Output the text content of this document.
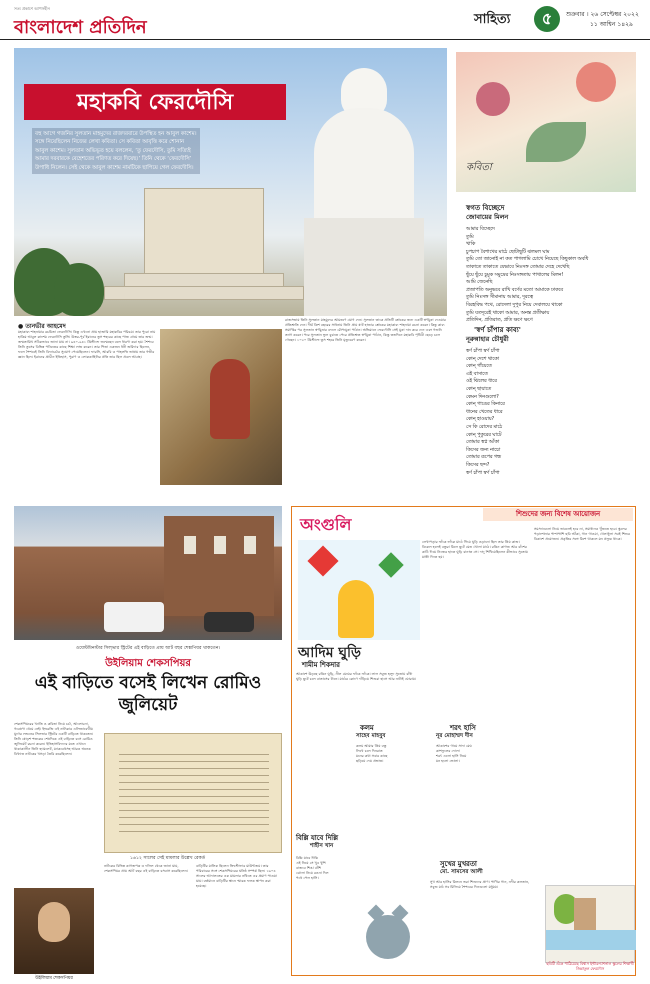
সত্য প্রকাশে আপসহীন
বাংলাদেশ প্রতিদিন	সাহিত্য	৫	শুক্রবার । ২৬ সেপ্টেম্বর ২০২২
১১ আশ্বিন ১৪২৯
মহাকবি ফেরদৌসি
বহু আগে গজনির সুলতান মাহমুদের রাজদরবারে উপস্থিত হন আবুল কাশেম। সঙ্গে নিয়েছিলেন নিজের লেখা কবিতা। সে কবিতা আবৃত্তি করে শোনান আবুল কাশেম। সুলতান অভিভূত হয়ে বললেন, ‘তু ফেরদৌসি, তুমি সত্যিই আমার দরবারকে বেহেশতের পরিণত করে দিয়েছ।’ তিনি থেকে ‘ফেরদৌসি’ উপাধি নিলেন। সেই থেকে আবুল কাশেম নামটিকে ছাপিয়ে গেল ফেরদৌসি।
● তানভীর আহমেদ
মহাকাব্য শাহনামার রচয়িতা ফেরদৌসি। কিন্তু এখনো প্রায় হাজারি মহাকবির পরিচয়। তার পুরো নাম হাকিম আবুল কাশেম ফেরদৌসি তুসি। উত্তর-পূর্ব ইরানের তুস শহরের কাছে পাজ গ্রামে তার জন্ম। জন্মতারিখ সঠিকভাবে জানা যায় না। ৯৪০-৯৪১ খ্রিস্টাব্দে জন্মেছেন বলে ধারণা করা হয়। শৈশবে তিনি তুসের বিভিন্ন পণ্ডিতের কাছে শিক্ষা লাভ করেন। তার পিতা একজন ধনী জমিদার ছিলেন, ফলে শৈশবেই তিনি বিদ্যাচর্চার সুযোগ পেয়েছিলেন। ফারসি, আরবি ও পাহলভি ভাষায় তার গভীর জ্ঞান ছিল। ইরানের প্রাচীন ইতিহাস, পুরাণ ও লোককাহিনির প্রতি তার ছিল প্রবল আগ্রহ।
রাজসভায় তিনি সুলতান মাহমুদের আমন্ত্রণে যোগ দেন। সুলতান তাকে প্রতিটি শ্লোকের জন্য একটি স্বর্ণমুদ্রা দেওয়ার প্রতিশ্রুতি দেন। দীর্ঘ ত্রিশ বছরের সাধনায় তিনি প্রায় ষাট হাজার শ্লোকের মহাকাব্য শাহনামা রচনা করেন। কিন্তু কাব্য সমাপ্তির পর সুলতান স্বর্ণমুদ্রার বদলে রৌপ্যমুদ্রা পাঠান। অভিমানে ফেরদৌসি সেই মুদ্রা দান করে দেন এবং গজনি ত্যাগ করেন। পরে সুলতান ভুল বুঝতে পেরে প্রতিশ্রুত স্বর্ণমুদ্রা পাঠান, কিন্তু ততদিনে মহাকবি পৃথিবী ছেড়ে চলে গেছেন। ১০২০ খ্রিস্টাব্দে তুস শহরে তিনি মৃত্যুবরণ করেন।
কবিতা
স্বগত বিচ্ছেদে
জোবায়ের মিলন
আমার বিচ্ছেদে
তুমি
খাকি
চুপচাপ বৈশাখের মাঠে ছোটাছুটি ঝলমল ঘাম
তুমি তো জানোই না কত পাগলামি চোখে নিয়েছে কিছুকাল অবধি
তাকাতে তাকাতে যেভাবে নিঃসঙ্গ তোমার দেহে দেখেছি
ছুঁয়ে ছুঁয়ে চুমুক সমুদ্রের নিঃসঙ্গতায় পাখালের মিলন!
আমি জেনেছি
প্রজাপতি অনুভবে রাখি বর্ণের মতো আমাকে ঢাকবে
তুমি নিঃসঙ্গ সীমানায় আমার, দূরত্বে
বিরহবিদ্ধ পথে, রোদেলা দুপুর নিয়ে দেবালয়ে থাকো
তুমি যতদূরেই থাকো আমার, অনন্ত প্রতীক্ষায়
প্রতিদিন, প্রতিরাত, প্রতি ক্ষণে ক্ষণে
'স্বর্ণ চাঁপার কাব্য'
নূরুন্নাহার চৌধুরী
স্বর্ণ চাঁপা স্বর্ণ চাঁপা
কোন্ দেশে থাকো
কোন্ গাঁয়েতে
এই বাসাতে
ওই ঝিলের ধারে
কোন্ ছায়াতে
কেমন দিনগুলো?
কোন্ গাঙের কিনারে
ধানের খেতের ধারে
কোন্ হাওয়ায়?
সে কি রোদের মাঠে
কোন্ পুকুরের ঘাটে
তোমার স্বপ্ন আঁকা
কিসের জন্য নাচো
তোমার রূপের গন্ধ
কিসের ছন্দ?
স্বর্ণ চাঁপা স্বর্ণ চাঁপা
ওয়েস্টমিনস্টার সিল্ভার স্ট্রিটের এই বাড়িতে প্রায় আট বছর শেক্সপিয়র থাকতেন।
উইলিয়াম শেকসপিয়র
এই বাড়িতে বসেই লিখেন রোমিও জুলিয়েট
শেকসপিয়রের খ্যাতি ও কবিতা নিয়ে চর্চা, আলোচনা, গবেষণা থেমে নেই। ইংরেজি এই নাট্যকার এলিজাবেথীয় যুগের লন্ডনের সিলভার স্ট্রিটের একটি বাড়িতে থাকতেন। তিনি ষোড়শ শতকের শেষদিকে এই বাড়িতে বসে রোমিও জুলিয়েট রচনা করেন। ইতিহাসবিদদের মতে এখানে থাকাকালীন তিনি হ্যামলেট, ম্যাকবেথসহ আরও অনেক বিখ্যাত নাটকের খসড়া তৈরি করেছিলেন।
১৬১২ সালের সেই মামলার উল্লেখ রেকর্ড
নাটকের বিভিন্ন কাগজপত্র ও দলিল থেকে জানা যায়, শেকসপিয়র প্রায় আট বছর এই বাড়িতে বসবাস করেছিলেন।
বাড়িটির মালিক ছিলেন ক্রিস্টোফার মাউন্টজয়। তার পরিবারের সঙ্গে শেকসপিয়রের ঘনিষ্ঠ সম্পর্ক ছিল। ১৬০৪ সালের আদালতের এক মামলার নথিতে এর প্রমাণ পাওয়া যায়। বর্তমানে বাড়িটির স্থানে স্মারক ফলক স্থাপন করা হয়েছে।
উইলিয়াম শেকসপিয়র
অংগুলি
শিশুদের জন্য বিশেষ আয়োজন
আদিম ঘুড়ি
শামীম শিকদার
আকাশে উড়ছে রঙিন ঘুড়ি, নীল মেঘের ফাঁকে ফাঁকে। লাল সবুজ হলুদ সুতোয় বাঁধা ঘুড়ি ছুটে চলে বাতাসের টানে। মাঠের কোণে দাঁড়িয়ে শিশুরা হাসে আর নাটাই ঘোরায়।
লেখাপড়ার ফাঁকে ফাঁকে মাঠে গিয়ে ঘুড়ি ওড়ানো ছিল তার প্রিয় কাজ। বিকেল হলেই বন্ধুরা মিলে ছুটে যেত খোলা মাঠে। রঙিন কাগজ আর বাঁশের কাঠি দিয়ে নিজের হাতে ঘুড়ি বানাত সে। দাদু শিখিয়েছিলেন কীভাবে সুতোয় মাঞ্জা দিতে হয়।
সমস্যাগুলো নিয়ে ভাবলেই হবে না, সমাধানও খুঁজতে হবে। স্কুলের পড়াশোনার পাশাপাশি ছবি আঁকা, গান গাওয়া, খেলাধুলা সবই শিশুর বিকাশে প্রয়োজন। প্রকৃতির সঙ্গে মিশে থাকলে মন প্রফুল্ল থাকে।
কলম
সাহেব মাহবুব
কলম আমার প্রিয় বন্ধু
লিখে চলে দিনরাত
মনের কথা সবার কাছে
ছড়িয়ে দেয় প্রভাত।
শরৎ হাসি
নূর মোহাম্মদ দীন
আকাশের গায়ে সাদা মেঘ
কাশফুলের দোলা
শরৎ এলো হাসি নিয়ে
মন হলো ভোলা।
বিল্লি যাবে দিল্লি
শাহীন খান
বিল্লি যাবে দিল্লি
এই নিয়ে সে খুব খুশি
বাজবে শিঙা বাঁশি
ঝোলা নিয়ে রওনা দিল
পথে পেল হাসি।
সুখের মুখরতা
মো. সামসের আলী
সুখ আর হাসির মিলনে ভরা শিশুদের প্রাণ। পাখির গান, নদীর কলতান, সবুজ মাঠ সব মিলিয়ে শৈশবের দিনগুলো মধুময়।
ছবিটি এঁকে পাঠিয়েছে বিশ্বাস ইন্টারন্যাশনাল স্কুলের শিক্ষার্থী জিন্নাতুল ফেরদৌস
